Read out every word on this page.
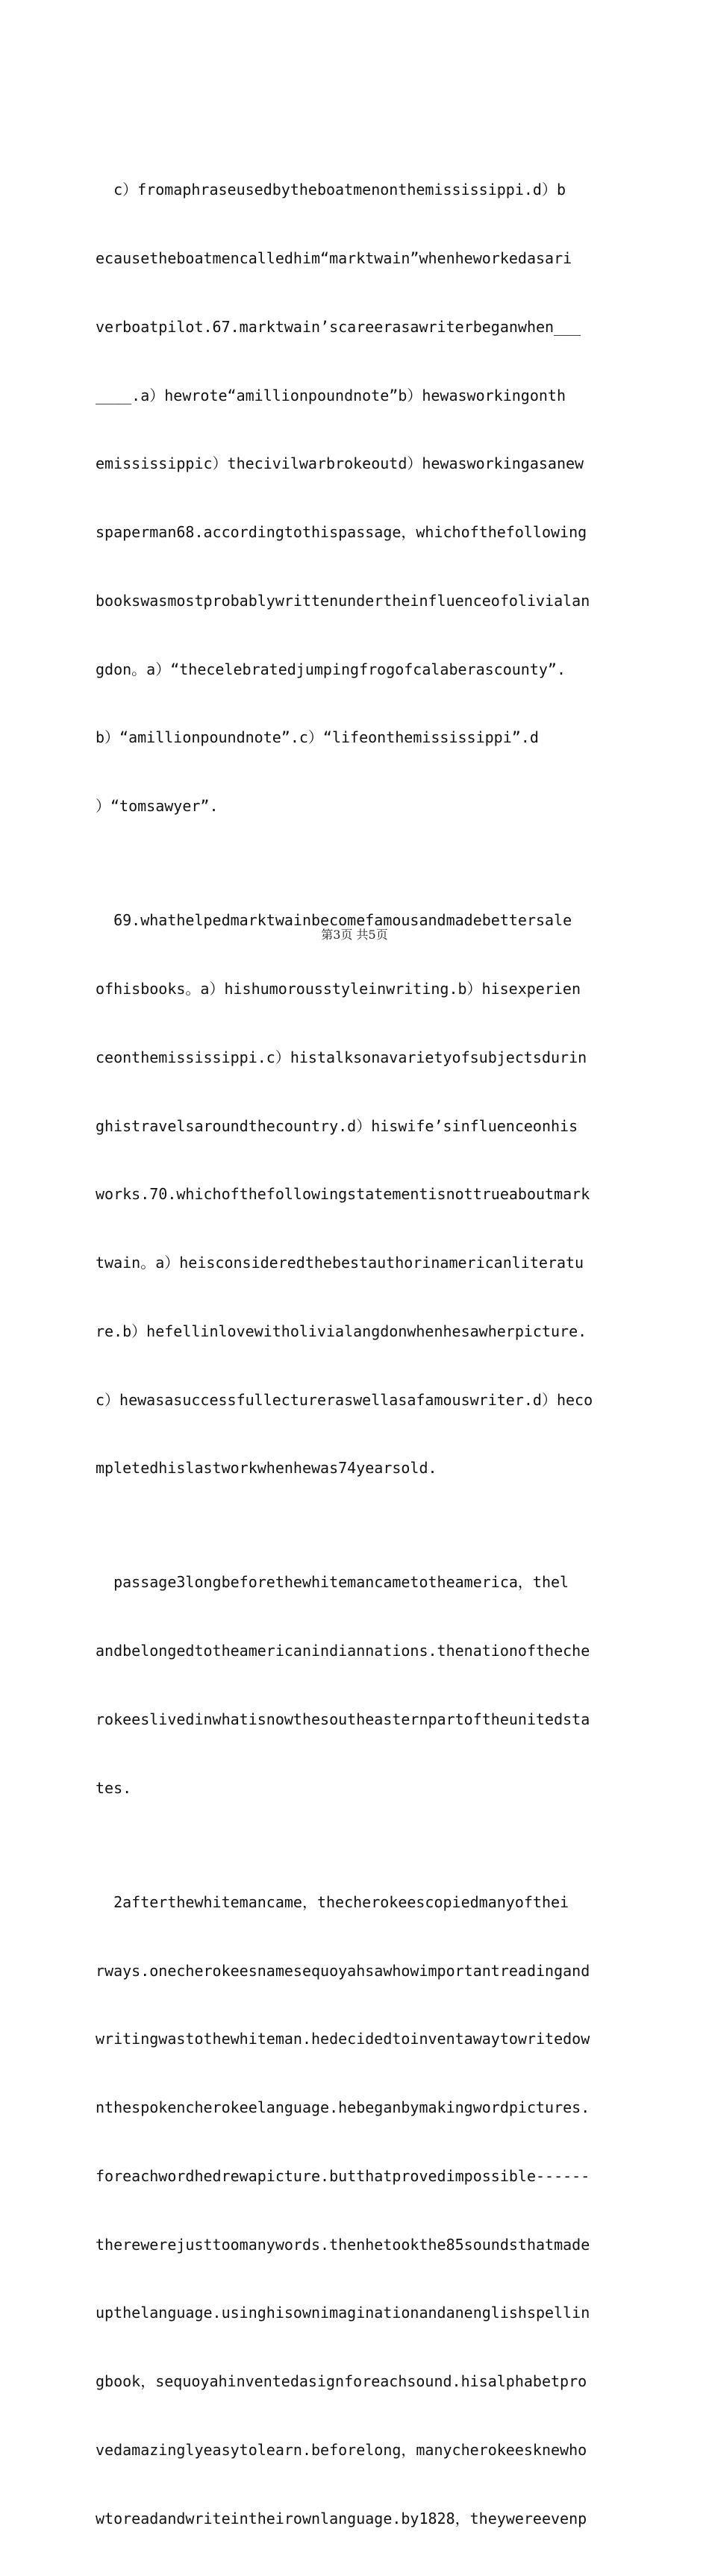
c）fromaphraseusedbytheboatmenonthemississippi.d）b

ecausetheboatmencalledhim“marktwain”whenheworkedasari

verboatpilot.67.marktwain’scareerasawriterbeganwhen___

____.a）hewrote“amillionpoundnote”b）hewasworkingonth

emississippic）thecivilwarbrokeoutd）hewasworkingasanew

spaperman68.accordingtothispassage，whichofthefollowing

bookswasmostprobablywrittenundertheinfluenceofolivialan

gdon。a）“thecelebratedjumpingfrogofcalaberascounty”.

b）“amillionpoundnote”.c）“lifeonthemississippi”.d

）“tomsawyer”.

69.whathelpedmarktwainbecomefamousandmadebettersale

ofhisbooks。a）hishumorousstyleinwriting.b）hisexperien

ceonthemississippi.c）histalksonavarietyofsubjectsdurin

ghistravelsaroundthecountry.d）hiswife’sinfluenceonhis

works.70.whichofthefollowingstatementisnottrueaboutmark

twain。a）heisconsideredthebestauthorinamericanliteratu

re.b）hefellinlovewitholivialangdonwhenhesawherpicture.

c）hewasasuccessfullectureraswellasafamouswriter.d）heco

mpletedhislastworkwhenhewas74yearsold.

passage3longbeforethewhitemancametotheamerica，thel

andbelongedtotheamericanindiannations.thenationoftheche

rokeeslivedinwhatisnowthesoutheasternpartoftheunitedsta

tes.

2afterthewhitemancame，thecherokeescopiedmanyofthei

rways.onecherokeesnamesequoyahsawhowimportantreadingand

writingwastothewhiteman.hedecidedtoinventawaytowritedow

nthespokencherokeelanguage.hebeganbymakingwordpictures.

foreachwordhedrewapicture.butthatprovedimpossible------

therewerejusttoomanywords.thenhetookthe85soundsthatmade

upthelanguage.usinghisownimaginationandanenglishspellin

gbook，sequoyahinventedasignforeachsound.hisalphabetpro

vedamazinglyeasytolearn.beforelong，manycherokeesknewho

wtoreadandwriteintheirownlanguage.by1828，theywereevenp

第3页 共5页
